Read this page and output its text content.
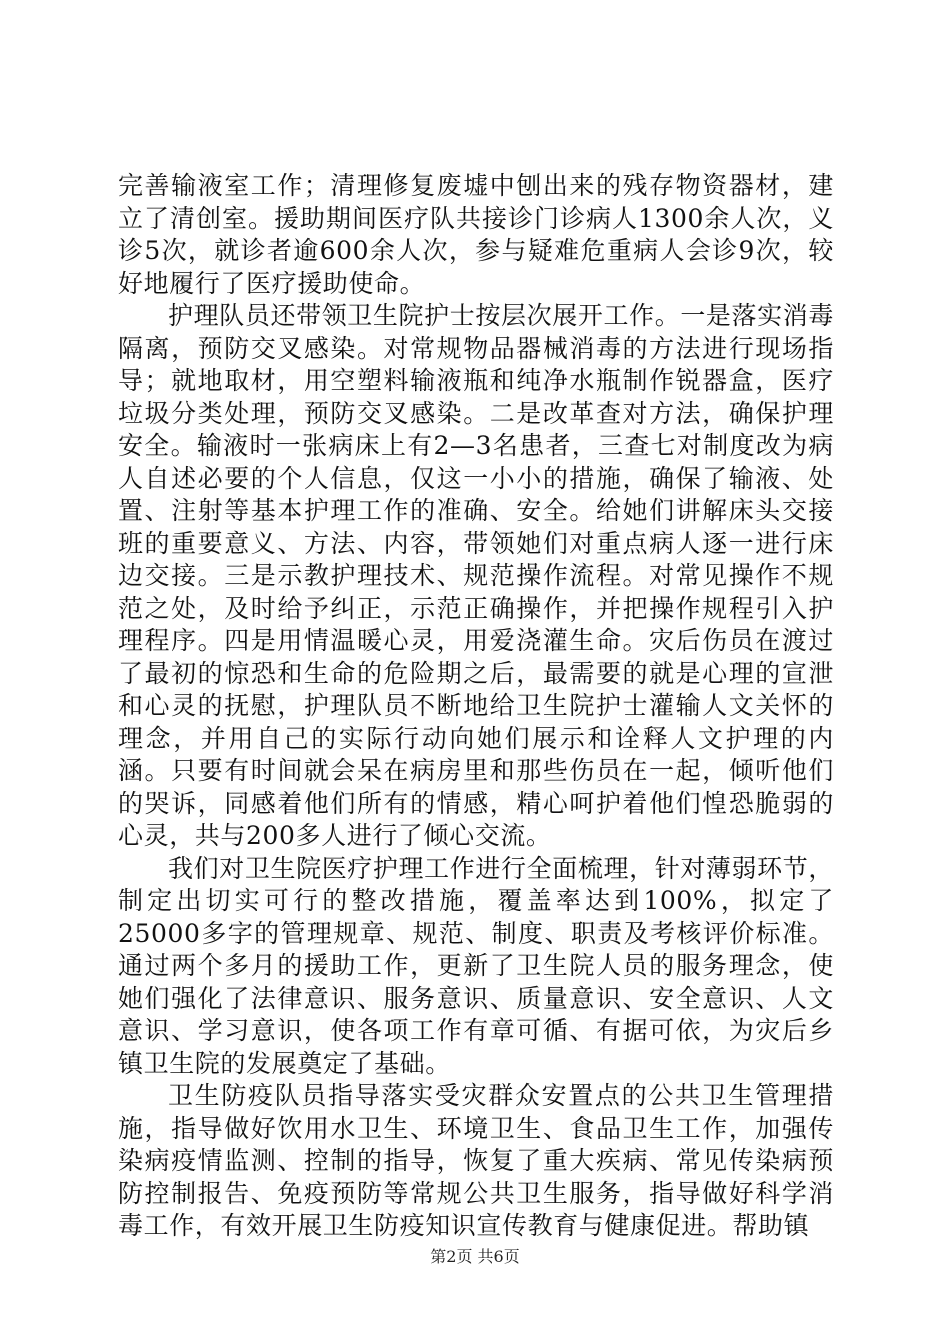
完善输液室工作；清理修复废墟中刨出来的残存物资器材，建立了清创室。援助期间医疗队共接诊门诊病人1300余人次，义诊5次，就诊者逾600余人次，参与疑难危重病人会诊9次，较好地履行了医疗援助使命。

护理队员还带领卫生院护士按层次展开工作。一是落实消毒隔离，预防交叉感染。对常规物品器械消毒的方法进行现场指导；就地取材，用空塑料输液瓶和纯净水瓶制作锐器盒，医疗垃圾分类处理，预防交叉感染。二是改革查对方法，确保护理安全。输液时一张病床上有2—3名患者，三查七对制度改为病人自述必要的个人信息，仅这一小小的措施，确保了输液、处置、注射等基本护理工作的准确、安全。给她们讲解床头交接班的重要意义、方法、内容，带领她们对重点病人逐一进行床边交接。三是示教护理技术、规范操作流程。对常见操作不规范之处，及时给予纠正，示范正确操作，并把操作规程引入护理程序。四是用情温暖心灵，用爱浇灌生命。灾后伤员在渡过了最初的惊恐和生命的危险期之后，最需要的就是心理的宣泄和心灵的抚慰，护理队员不断地给卫生院护士灌输人文关怀的理念，并用自己的实际行动向她们展示和诠释人文护理的内涵。只要有时间就会呆在病房里和那些伤员在一起，倾听他们的哭诉，同感着他们所有的情感，精心呵护着他们惶恐脆弱的心灵，共与200多人进行了倾心交流。

我们对卫生院医疗护理工作进行全面梳理，针对薄弱环节，制定出切实可行的整改措施，覆盖率达到100%，拟定了25000多字的管理规章、规范、制度、职责及考核评价标准。通过两个多月的援助工作，更新了卫生院人员的服务理念，使她们强化了法律意识、服务意识、质量意识、安全意识、人文意识、学习意识，使各项工作有章可循、有据可依，为灾后乡镇卫生院的发展奠定了基础。

卫生防疫队员指导落实受灾群众安置点的公共卫生管理措施，指导做好饮用水卫生、环境卫生、食品卫生工作，加强传染病疫情监测、控制的指导，恢复了重大疾病、常见传染病预防控制报告、免疫预防等常规公共卫生服务，指导做好科学消毒工作，有效开展卫生防疫知识宣传教育与健康促进。帮助镇

第2页 共6页
